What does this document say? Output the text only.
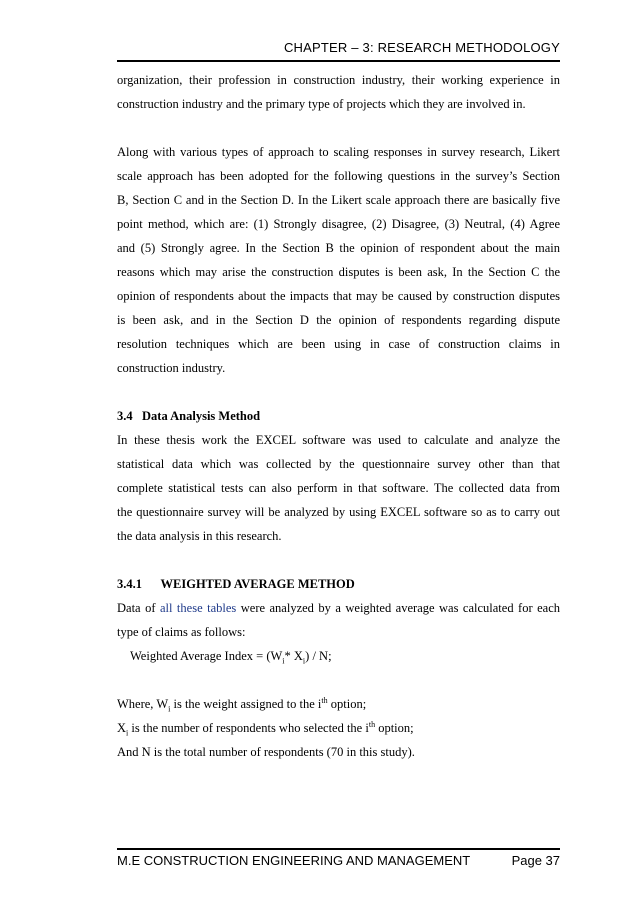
CHAPTER – 3: RESEARCH METHODOLOGY

organization, their profession in construction industry, their working experience in
construction industry and the primary type of projects which they are involved in.

Along with various types of approach to scaling responses in survey research, Likert
scale approach has been adopted for the following questions in the survey’s Section
B, Section C and in the Section D. In the Likert scale approach there are basically five
point method, which are: (1) Strongly disagree, (2) Disagree, (3) Neutral, (4) Agree
and (5) Strongly agree. In the Section B the opinion of respondent about the main
reasons which may arise the construction disputes is been ask, In the Section C the
opinion of respondents about the impacts that may be caused by construction disputes
is been ask, and in the Section D the opinion of respondents regarding dispute
resolution techniques which are been using in case of construction claims in
construction industry.

3.4 Data Analysis Method

In these thesis work the EXCEL software was used to calculate and analyze the
statistical data which was collected by the questionnaire survey other than that
complete statistical tests can also perform in that software. The collected data from
the questionnaire survey will be analyzed by using EXCEL software so as to carry out
the data analysis in this research.

3.4.1 WEIGHTED AVERAGE METHOD

Data of all these tables were analyzed by a weighted average was calculated for each
type of claims as follows:

Weighted Average Index = ($W_i*$ $X_i$) / N;

Where, $W_i$ is the weight assigned to the $i^{th}$ option;
$X_i$ is the number of respondents who selected the $i^{th}$ option;
And N is the total number of respondents (70 in this study).

M.E CONSTRUCTION ENGINEERING AND MANAGEMENT	Page 37
